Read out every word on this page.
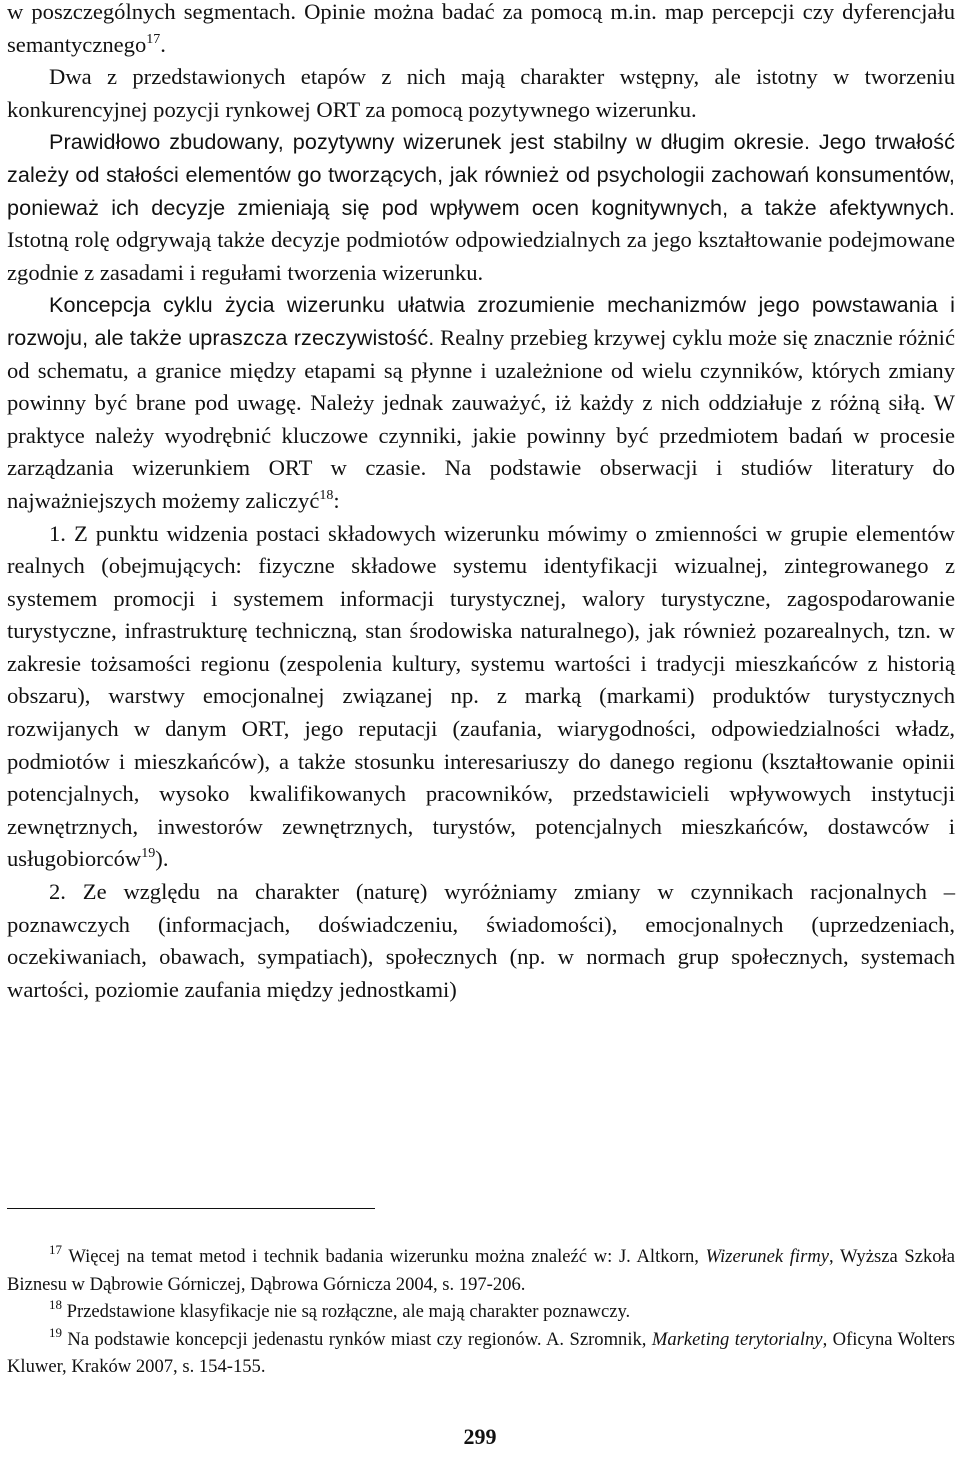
w poszczególnych segmentach. Opinie można badać za pomocą m.in. map percepcji czy dyferencjału semantycznego$^{17}$.

Dwa z przedstawionych etapów z nich mają charakter wstępny, ale istotny w tworzeniu konkurencyjnej pozycji rynkowej ORT za pomocą pozytywnego wizerunku.

Prawidłowo zbudowany, pozytywny wizerunek jest stabilny w długim okresie. Jego trwałość zależy od stałości elementów go tworzących, jak również od psychologii zachowań konsumentów, ponieważ ich decyzje zmieniają się pod wpływem ocen kognitywnych, a także afektywnych. Istotną rolę odgrywają także decyzje podmiotów odpowiedzialnych za jego kształtowanie podejmowane zgodnie z zasadami i regułami tworzenia wizerunku.

Koncepcja cyklu życia wizerunku ułatwia zrozumienie mechanizmów jego powstawania i rozwoju, ale także upraszcza rzeczywistość. Realny przebieg krzywej cyklu może się znacznie różnić od schematu, a granice między etapami są płynne i uzależnione od wielu czynników, których zmiany powinny być brane pod uwagę. Należy jednak zauważyć, iż każdy z nich oddziałuje z różną siłą. W praktyce należy wyodrębnić kluczowe czynniki, jakie powinny być przedmiotem badań w procesie zarządzania wizerunkiem ORT w czasie. Na podstawie obserwacji i studiów literatury do najważniejszych możemy zaliczyć$^{18}$:

1. Z punktu widzenia postaci składowych wizerunku mówimy o zmienności w grupie elementów realnych (obejmujących: fizyczne składowe systemu identyfikacji wizualnej, zintegrowanego z systemem promocji i systemem informacji turystycznej, walory turystyczne, zagospodarowanie turystyczne, infrastrukturę techniczną, stan środowiska naturalnego), jak również pozarealnych, tzn. w zakresie tożsamości regionu (zespolenia kultury, systemu wartości i tradycji mieszkańców z historią obszaru), warstwy emocjonalnej związanej np. z marką (markami) produktów turystycznych rozwijanych w danym ORT, jego reputacji (zaufania, wiarygodności, odpowiedzialności władz, podmiotów i mieszkańców), a także stosunku interesariuszy do danego regionu (kształtowanie opinii potencjalnych, wysoko kwalifikowanych pracowników, przedstawicieli wpływowych instytucji zewnętrznych, inwestorów zewnętrznych, turystów, potencjalnych mieszkańców, dostawców i usługobiorców$^{19}$).

2. Ze względu na charakter (naturę) wyróżniamy zmiany w czynnikach racjonalnych – poznawczych (informacjach, doświadczeniu, świadomości), emocjonalnych (uprzedzeniach, oczekiwaniach, obawach, sympatiach), społecznych (np. w normach grup społecznych, systemach wartości, poziomie zaufania między jednostkami)

$^{17}$ Więcej na temat metod i technik badania wizerunku można znaleźć w: J. Altkorn, Wizerunek firmy, Wyższa Szkoła Biznesu w Dąbrowie Górniczej, Dąbrowa Górnicza 2004, s. 197-206.

$^{18}$ Przedstawione klasyfikacje nie są rozłączne, ale mają charakter poznawczy.

$^{19}$ Na podstawie koncepcji jedenastu rynków miast czy regionów. A. Szromnik, Marketing terytorialny, Oficyna Wolters Kluwer, Kraków 2007, s. 154-155.

299
